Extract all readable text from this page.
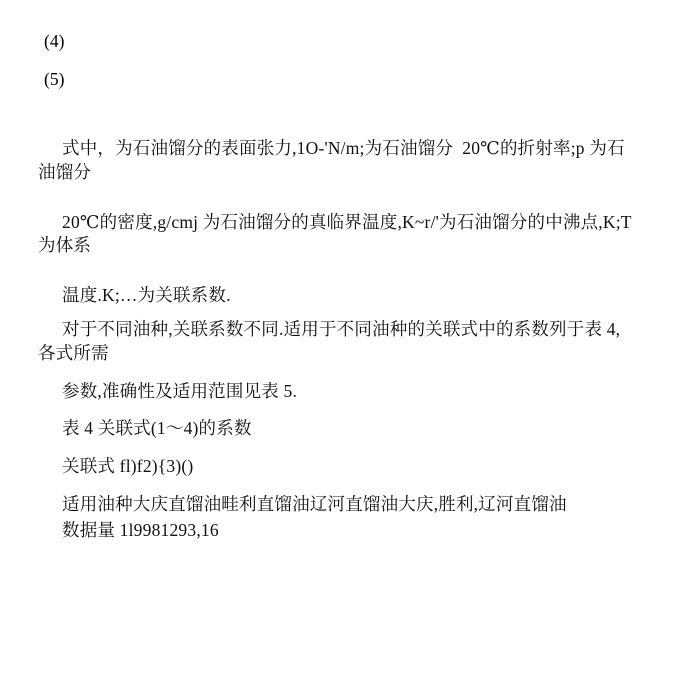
(4)
(5)
式中，为石油馏分的表面张力,1O-'N/m;为石油馏分  20℃的折射率;p 为石油馏分
20℃的密度,g/cmj 为石油馏分的真临界温度,K~r/'为石油馏分的中沸点,K;T 为体系
温度.K;…为关联系数.
对于不同油种,关联系数不同.适用于不同油种的关联式中的系数列于表 4,各式所需
参数,准确性及适用范围见表 5.
表 4 关联式(1～4)的系数
关联式 fl)f2){3)()
适用油种大庆直馏油畦利直馏油辽河直馏油大庆,胜利,辽河直馏油
数据量 1l9981293,16
